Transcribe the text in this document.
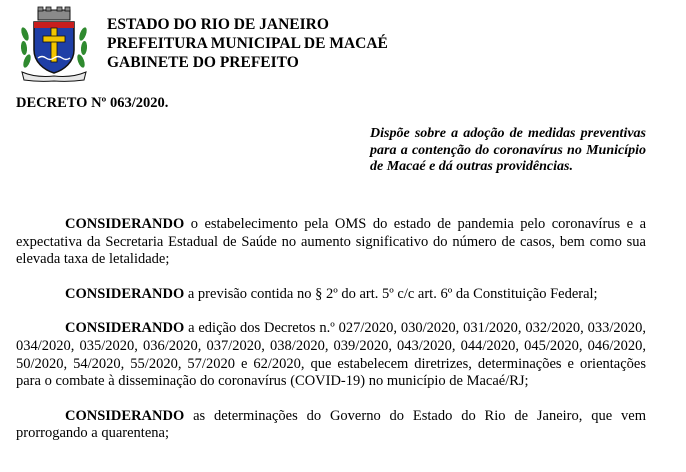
ESTADO DO RIO DE JANEIRO
PREFEITURA MUNICIPAL DE MACAÉ
GABINETE DO PREFEITO
DECRETO Nº 063/2020.
Dispõe sobre a adoção de medidas preventivas para a contenção do coronavírus no Município de Macaé e dá outras providências.

CONSIDERANDO o estabelecimento pela OMS do estado de pandemia pelo coronavírus e a expectativa da Secretaria Estadual de Saúde no aumento significativo do número de casos, bem como sua elevada taxa de letalidade;

CONSIDERANDO a previsão contida no § 2º do art. 5º c/c art. 6º da Constituição Federal;

CONSIDERANDO a edição dos Decretos n.º 027/2020, 030/2020, 031/2020, 032/2020, 033/2020, 034/2020, 035/2020, 036/2020, 037/2020, 038/2020, 039/2020, 043/2020, 044/2020, 045/2020, 046/2020, 50/2020, 54/2020, 55/2020, 57/2020 e 62/2020, que estabelecem diretrizes, determinações e orientações para o combate à disseminação do coronavírus (COVID-19) no município de Macaé/RJ;

CONSIDERANDO as determinações do Governo do Estado do Rio de Janeiro, que vem prorrogando a quarentena;
